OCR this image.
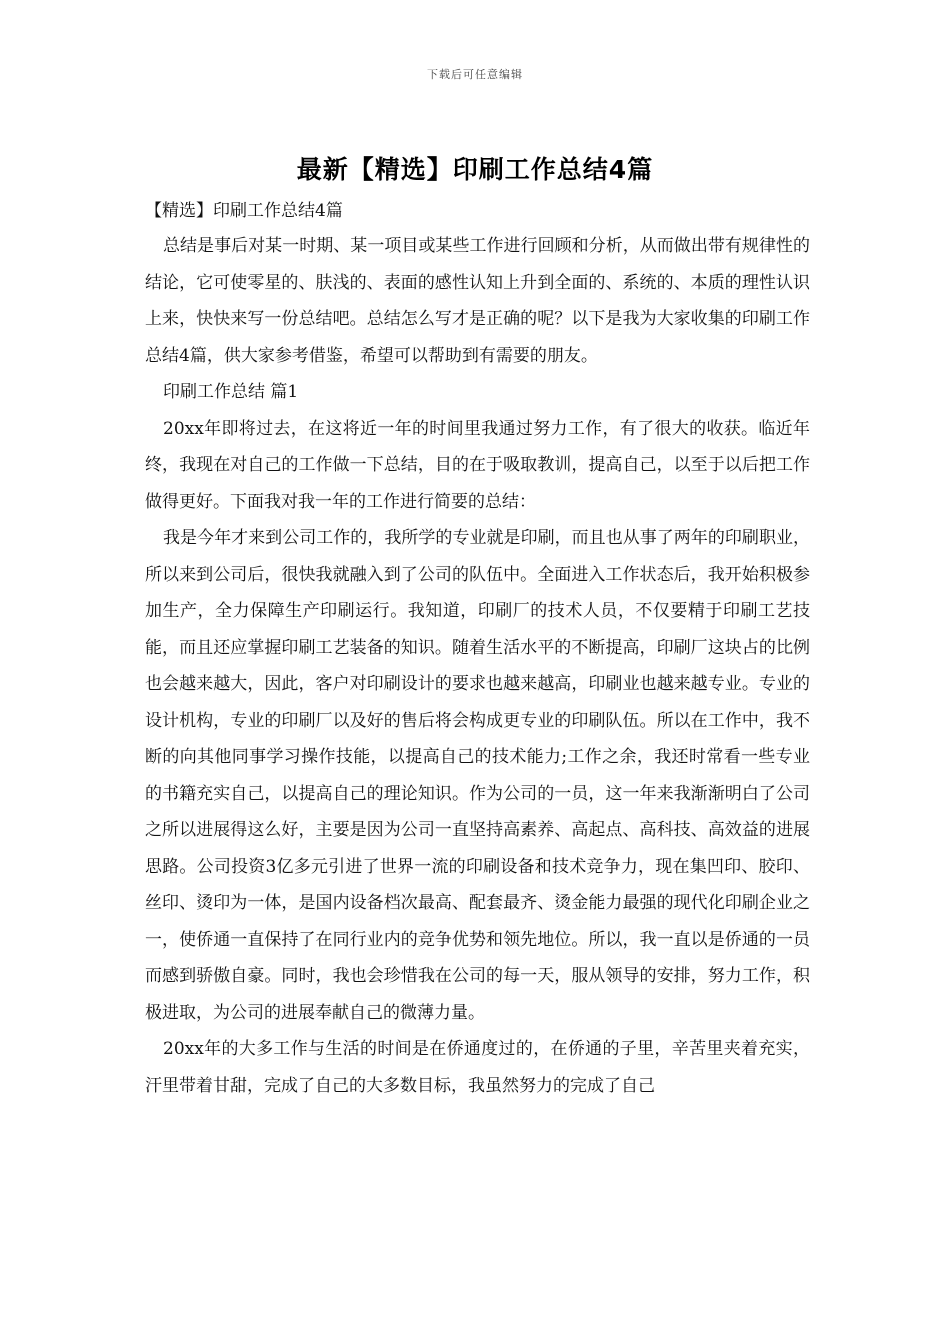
下载后可任意编辑
最新【精选】印刷工作总结4篇

【精选】印刷工作总结4篇

总结是事后对某一时期、某一项目或某些工作进行回顾和分析，从而做出带有规律性的结论，它可使零星的、肤浅的、表面的感性认知上升到全面的、系统的、本质的理性认识上来，快快来写一份总结吧。总结怎么写才是正确的呢？以下是我为大家收集的印刷工作总结4篇，供大家参考借鉴，希望可以帮助到有需要的朋友。

印刷工作总结 篇1

20xx年即将过去，在这将近一年的时间里我通过努力工作，有了很大的收获。临近年终，我现在对自己的工作做一下总结，目的在于吸取教训，提高自己，以至于以后把工作做得更好。下面我对我一年的工作进行简要的总结：

我是今年才来到公司工作的，我所学的专业就是印刷，而且也从事了两年的印刷职业，所以来到公司后，很快我就融入到了公司的队伍中。全面进入工作状态后，我开始积极参加生产，全力保障生产印刷运行。我知道，印刷厂的技术人员，不仅要精于印刷工艺技能，而且还应掌握印刷工艺装备的知识。随着生活水平的不断提高，印刷厂这块占的比例也会越来越大，因此，客户对印刷设计的要求也越来越高，印刷业也越来越专业。专业的设计机构，专业的印刷厂以及好的售后将会构成更专业的印刷队伍。所以在工作中，我不断的向其他同事学习操作技能，以提高自己的技术能力;工作之余，我还时常看一些专业的书籍充实自己，以提高自己的理论知识。作为公司的一员，这一年来我渐渐明白了公司之所以进展得这么好，主要是因为公司一直坚持高素养、高起点、高科技、高效益的进展思路。公司投资3亿多元引进了世界一流的印刷设备和技术竞争力，现在集凹印、胶印、丝印、烫印为一体，是国内设备档次最高、配套最齐、烫金能力最强的现代化印刷企业之一，使侨通一直保持了在同行业内的竞争优势和领先地位。所以，我一直以是侨通的一员而感到骄傲自豪。同时，我也会珍惜我在公司的每一天，服从领导的安排，努力工作，积极进取，为公司的进展奉献自己的微薄力量。

20xx年的大多工作与生活的时间是在侨通度过的，在侨通的子里，辛苦里夹着充实，汗里带着甘甜，完成了自己的大多数目标，我虽然努力的完成了自己
